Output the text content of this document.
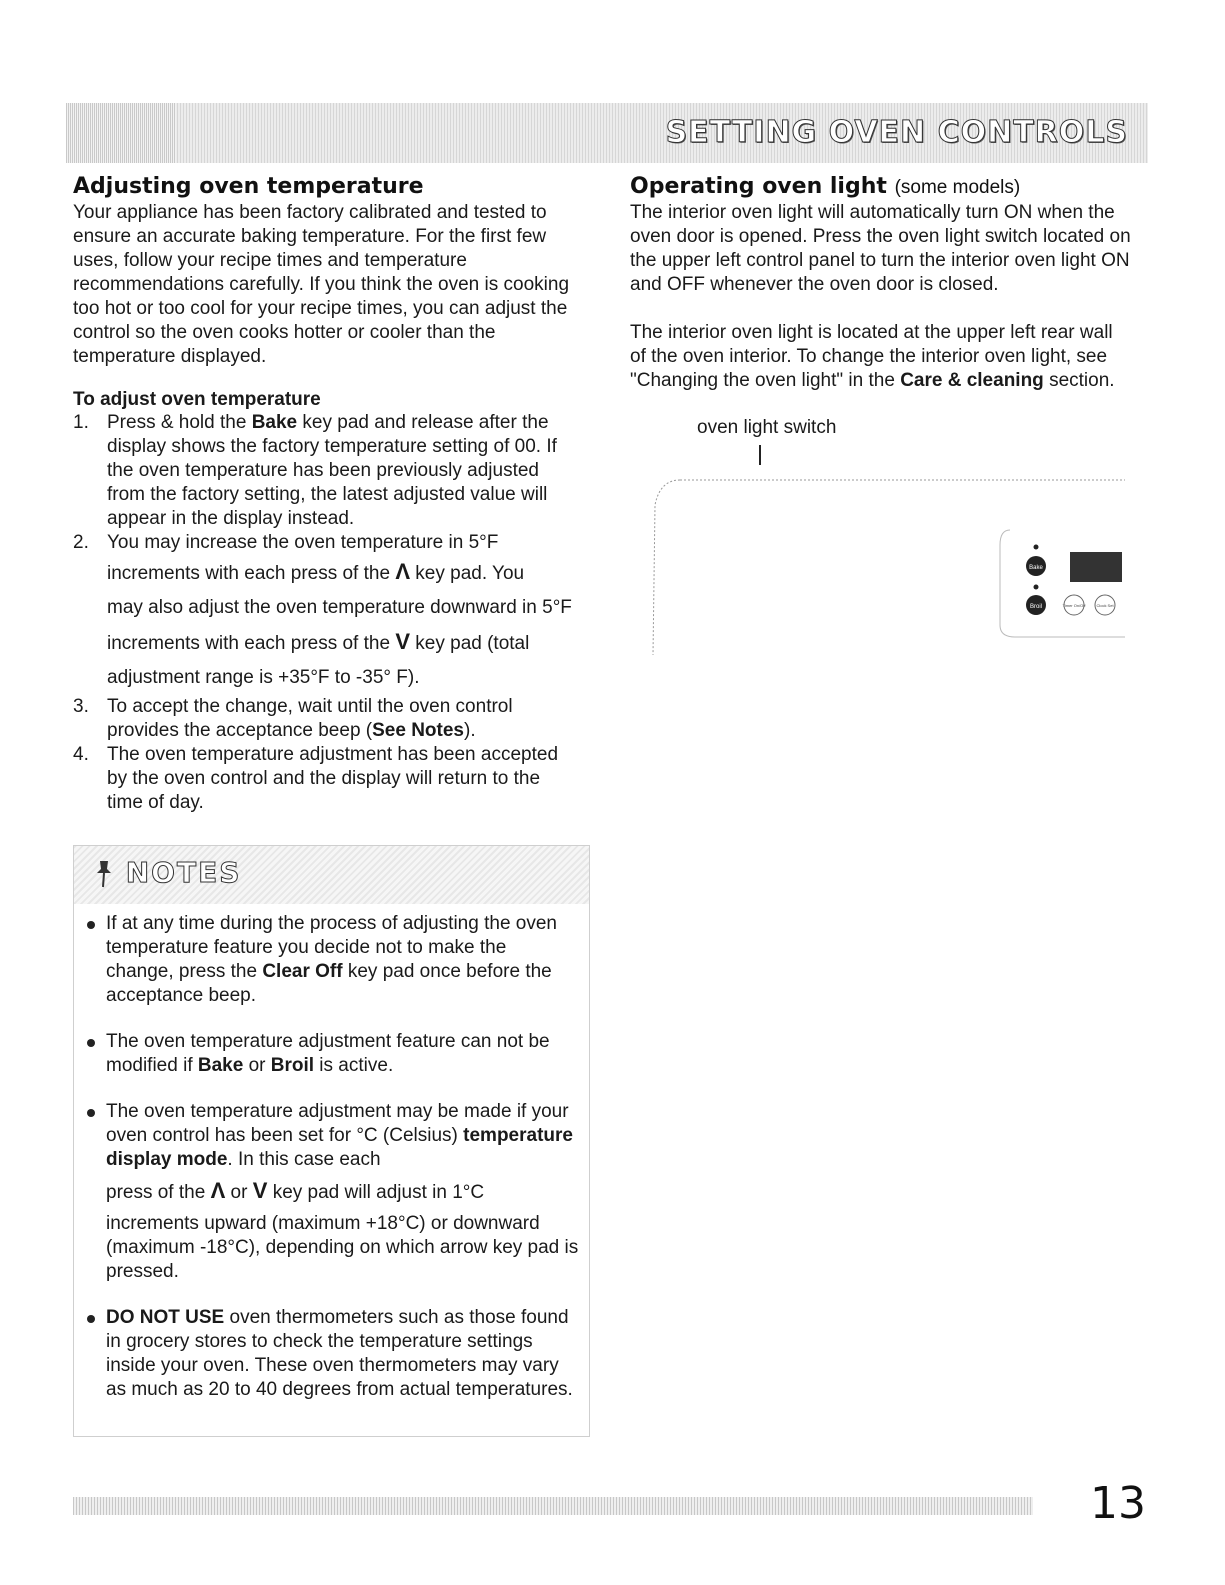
SETTING OVEN CONTROLS
Adjusting oven temperature

Your appliance has been factory calibrated and tested to
ensure an accurate baking temperature. For the first few
uses, follow your recipe times and temperature
recommendations carefully. If you think the oven is cooking
too hot or too cool for your recipe times, you can adjust the
control so the oven cooks hotter or cooler than the
temperature displayed.

To adjust oven temperature
1. Press & hold the Bake key pad and release after the
display shows the factory temperature setting of 00. If
the oven temperature has been previously adjusted
from the factory setting, the latest adjusted value will
appear in the display instead.
2. You may increase the oven temperature in 5°F
increments with each press of the Λ key pad. You
may also adjust the oven temperature downward in 5°F
increments with each press of the V key pad (total
adjustment range is +35°F to -35° F).
3. To accept the change, wait until the oven control
provides the acceptance beep (See Notes).
4. The oven temperature adjustment has been accepted
by the oven control and the display will return to the
time of day.
NOTES
If at any time during the process of adjusting the oven temperature feature you decide not to make the change, press the Clear Off key pad once before the acceptance beep.
The oven temperature adjustment feature can not be modified if Bake or Broil is active.
The oven temperature adjustment may be made if your oven control has been set for °C (Celsius) temperature display mode. In this case each
press of the Λ or V key pad will adjust in 1°C
increments upward (maximum +18°C) or downward (maximum -18°C), depending on which arrow key pad is pressed.
DO NOT USE oven thermometers such as those found in grocery stores to check the temperature settings inside your oven. These oven thermometers may vary as much as 20 to 40 degrees from actual temperatures.
Operating oven light (some models)

The interior oven light will automatically turn ON when the
oven door is opened. Press the oven light switch located on
the upper left control panel to turn the interior oven light ON
and OFF whenever the oven door is closed.

The interior oven light is located at the upper left rear wall
of the oven interior. To change the interior oven light, see
"Changing the oven light" in the Care & cleaning section.

oven light switch
Bake
Broil	Timer On/Off	Clock Set
13
